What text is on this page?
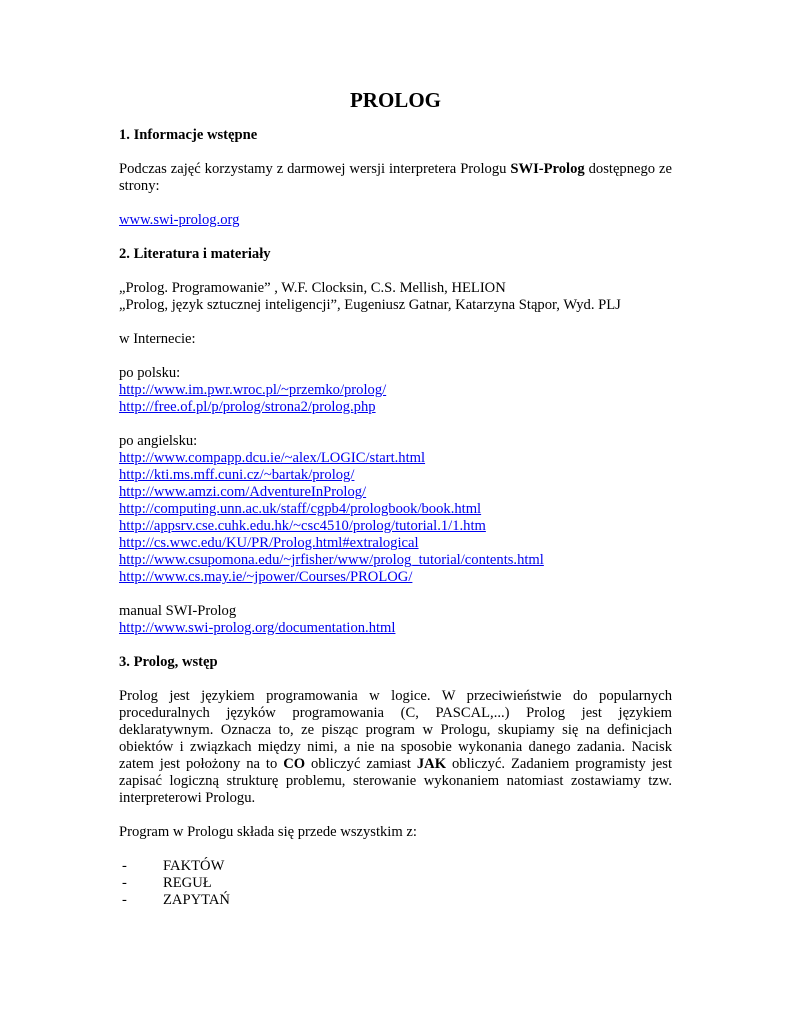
PROLOG

1. Informacje wstępne

Podczas zajęć korzystamy z darmowej wersji interpretera Prologu SWI-Prolog dostępnego ze strony:

www.swi-prolog.org

2. Literatura i materiały

„Prolog. Programowanie” , W.F. Clocksin, C.S. Mellish, HELION

„Prolog, język sztucznej inteligencji”, Eugeniusz Gatnar, Katarzyna Stąpor, Wyd. PLJ

w Internecie:

po polsku:

http://www.im.pwr.wroc.pl/~przemko/prolog/
http://free.of.pl/p/prolog/strona2/prolog.php

po angielsku:

http://www.compapp.dcu.ie/~alex/LOGIC/start.html
http://kti.ms.mff.cuni.cz/~bartak/prolog/
http://www.amzi.com/AdventureInProlog/
http://computing.unn.ac.uk/staff/cgpb4/prologbook/book.html
http://appsrv.cse.cuhk.edu.hk/~csc4510/prolog/tutorial.1/1.htm
http://cs.wwc.edu/KU/PR/Prolog.html#extralogical
http://www.csupomona.edu/~jrfisher/www/prolog_tutorial/contents.html
http://www.cs.may.ie/~jpower/Courses/PROLOG/

manual SWI-Prolog

http://www.swi-prolog.org/documentation.html

3. Prolog, wstęp

Prolog jest językiem programowania w logice. W przeciwieństwie do popularnych proceduralnych języków programowania (C, PASCAL,...) Prolog jest językiem deklaratywnym. Oznacza to, ze pisząc program w Prologu, skupiamy się na definicjach obiektów i związkach między nimi, a nie na sposobie wykonania danego zadania. Nacisk zatem jest położony na to CO obliczyć zamiast JAK obliczyć. Zadaniem programisty jest zapisać logiczną strukturę problemu, sterowanie wykonaniem natomiast zostawiamy tzw. interpreterowi Prologu.

Program w Prologu składa się przede wszystkim z:

-	FAKTÓW
-	REGUŁ
-	ZAPYTAŃ
